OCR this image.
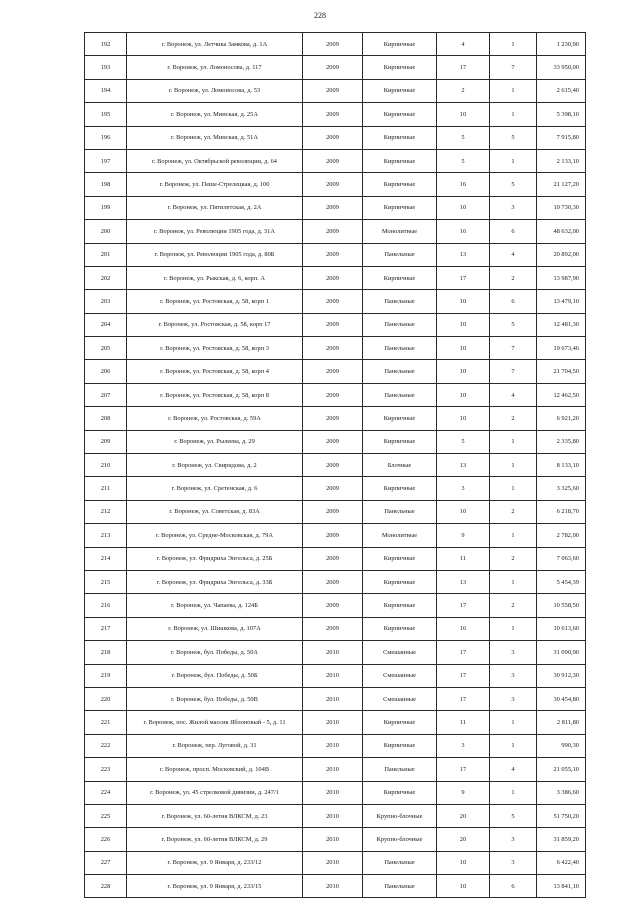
228
192	г. Воронеж, ул. Летчика Замкова, д. 1А	2009	Кирпичные	4	1	1 230,90
193	г. Воронеж, ул. Ломоносова, д. 117	2009	Кирпичные	17	7	33 950,00
194	г. Воронеж, ул. Ломоносова, д. 53	2009	Кирпичные	2	1	2 615,40
195	г. Воронеж, ул. Минская, д. 25А	2009	Кирпичные	10	1	5 398,10
196	г. Воронеж, ул. Минская, д. 51А	2009	Кирпичные	5	5	7 915,80
197	г. Воронеж, ул. Октябрьской революции, д. 64	2009	Кирпичные	5	1	2 133,10
198	г. Воронеж, ул. Пеше-Стрелецкая, д. 100	2009	Кирпичные	16	5	21 127,20
199	г. Воронеж, ул. Пятилетская, д. 2А	2009	Кирпичные	10	3	10 730,30
200	г. Воронеж, ул. Революции 1905 года, д. 31А	2009	Монолитные	16	6	48 632,00
201	г. Воронеж, ул. Революции 1905 года, д. 80Б	2009	Панельные	13	4	20 892,00
202	г. Воронеж, ул. Рыкская, д. 6, корп. А	2009	Кирпичные	17	2	13 987,90
203	г. Воронеж, ул. Ростовская, д. 58, корп 1	2009	Панельные	10	6	13 479,10
204	г. Воронеж, ул. Ростовская, д. 58, корп 17	2009	Панельные	10	5	12 481,30
205	г. Воронеж, ул. Ростовская, д. 58, корп 3	2009	Панельные	10	7	19 673,46
206	г. Воронеж, ул. Ростовская, д. 58, корп 4	2009	Панельные	10	7	21 704,50
207	г. Воронеж, ул. Ростовская, д. 58, корп 8	2009	Панельные	10	4	12 462,50
208	г. Воронеж, ул. Ростовская, д. 59А	2009	Кирпичные	10	2	6 921,20
209	г. Воронеж, ул. Рылеева, д. 29	2009	Кирпичные	5	1	2 335,80
210	г. Воронеж, ул. Свиридова, д. 2	2009	Блочные	13	1	8 133,10
211	г. Воронеж, ул. Сретенская, д. 6	2009	Кирпичные	3	1	3 325,60
212	г. Воронеж, ул. Советская, д. 83А	2009	Панельные	10	2	6 218,70
213	г. Воронеж, ул. Средне-Московская, д. 79А	2009	Монолитные	9	1	2 782,00
214	г. Воронеж, ул. Фридриха Энгельса, д. 25Б	2009	Кирпичные	11	2	7 063,60
215	г. Воронеж, ул. Фридриха Энгельса, д. 33Б	2009	Кирпичные	13	1	5 454,39
216	г. Воронеж, ул. Чапаева, д. 124Б	2009	Кирпичные	17	2	10 558,50
217	г. Воронеж, ул. Шишкова, д. 107А	2009	Кирпичные	16	1	10 613,60
218	г. Воронеж, бул. Победы, д. 50А	2010	Смешанные	17	3	31 090,90
219	г. Воронеж, бул. Победы, д. 50Б	2010	Смешанные	17	3	30 912,30
220	г. Воронеж, бул. Победы, д. 50В	2010	Смешанные	17	3	30 454,80
221	г. Воронеж, пос. Жилой массив Яблоновый - 5, д. 11	2010	Кирпичные	11	1	2 811,80
222	г. Воронеж, пер. Луговой, д. 31	2010	Кирпичные	3	1	990,30
223	г. Воронеж, просп. Московский, д. 104В	2010	Панельные	17	4	21 055,10
224	г. Воронеж, ул. 45 стрелковой дивизии, д. 247/1	2010	Кирпичные	9	1	3 386,60
225	г. Воронеж, ул. 60-летия ВЛКСМ, д. 23	2010	Крупно-блочные	20	5	51 750,20
226	г. Воронеж, ул. 60-летия ВЛКСМ, д. 29	2010	Крупно-блочные	20	3	31 859,20
227	г. Воронеж, ул. 9 Января, д. 233/12	2010	Панельные	10	3	6 422,40
228	г. Воронеж, ул. 9 Января, д. 233/15	2010	Панельные	10	6	13 841,10
